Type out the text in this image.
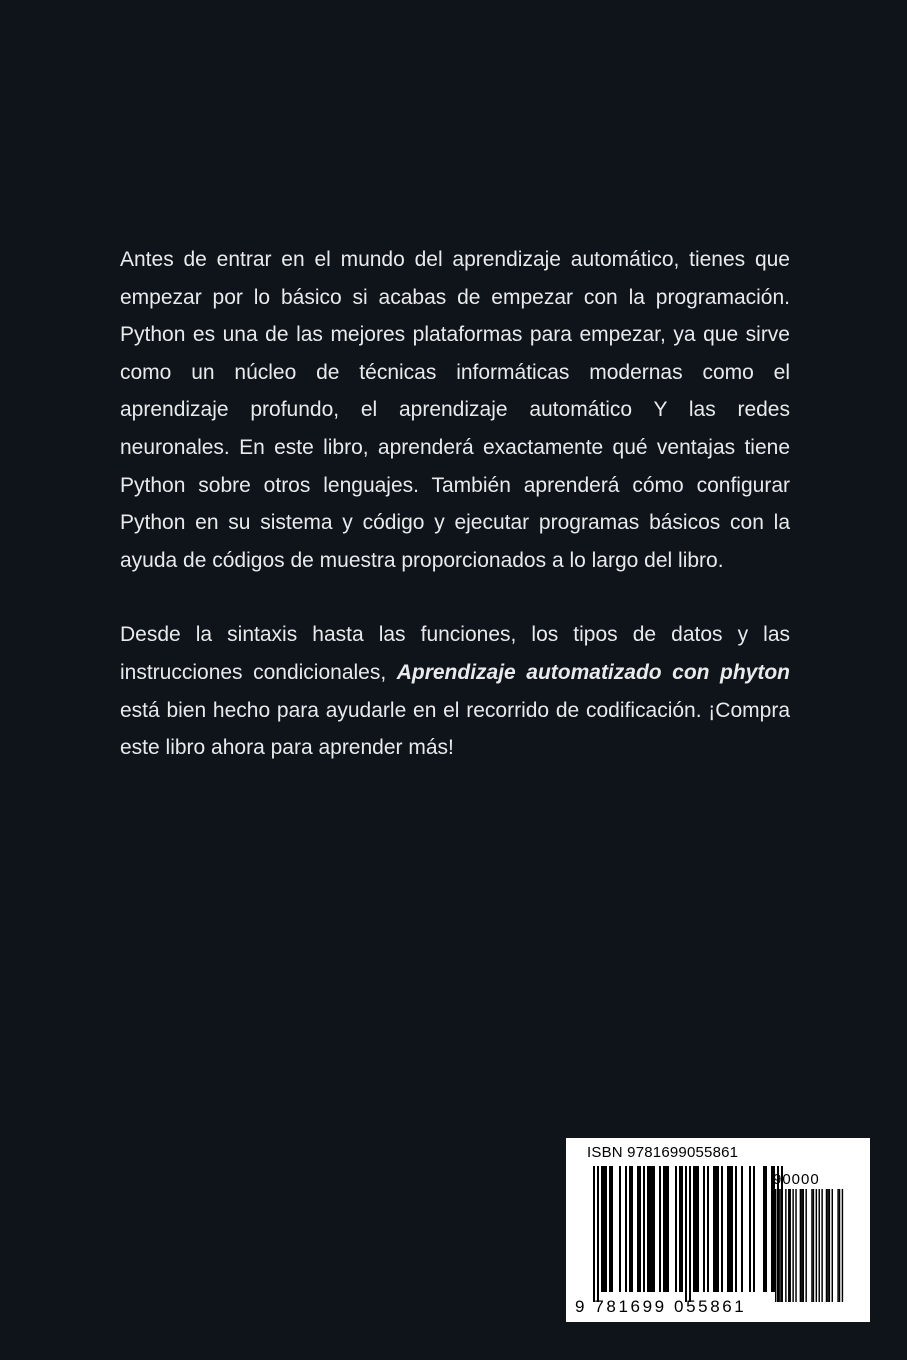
Antes de entrar en el mundo del aprendizaje automático, tienes que empezar por lo básico si acabas de empezar con la programación. Python es una de las mejores plataformas para empezar, ya que sirve como un núcleo de técnicas informáticas modernas como el aprendizaje profundo, el aprendizaje automático Y las redes neuronales. En este libro, aprenderá exactamente qué ventajas tiene Python sobre otros lenguajes. También aprenderá cómo configurar Python en su sistema y código y ejecutar programas básicos con la ayuda de códigos de muestra proporcionados a lo largo del libro.

Desde la sintaxis hasta las funciones, los tipos de datos y las instrucciones condicionales, Aprendizaje automatizado con phyton está bien hecho para ayudarle en el recorrido de codificación. ¡Compra este libro ahora para aprender más!

ISBN 9781699055861
90000
9 781699 055861
